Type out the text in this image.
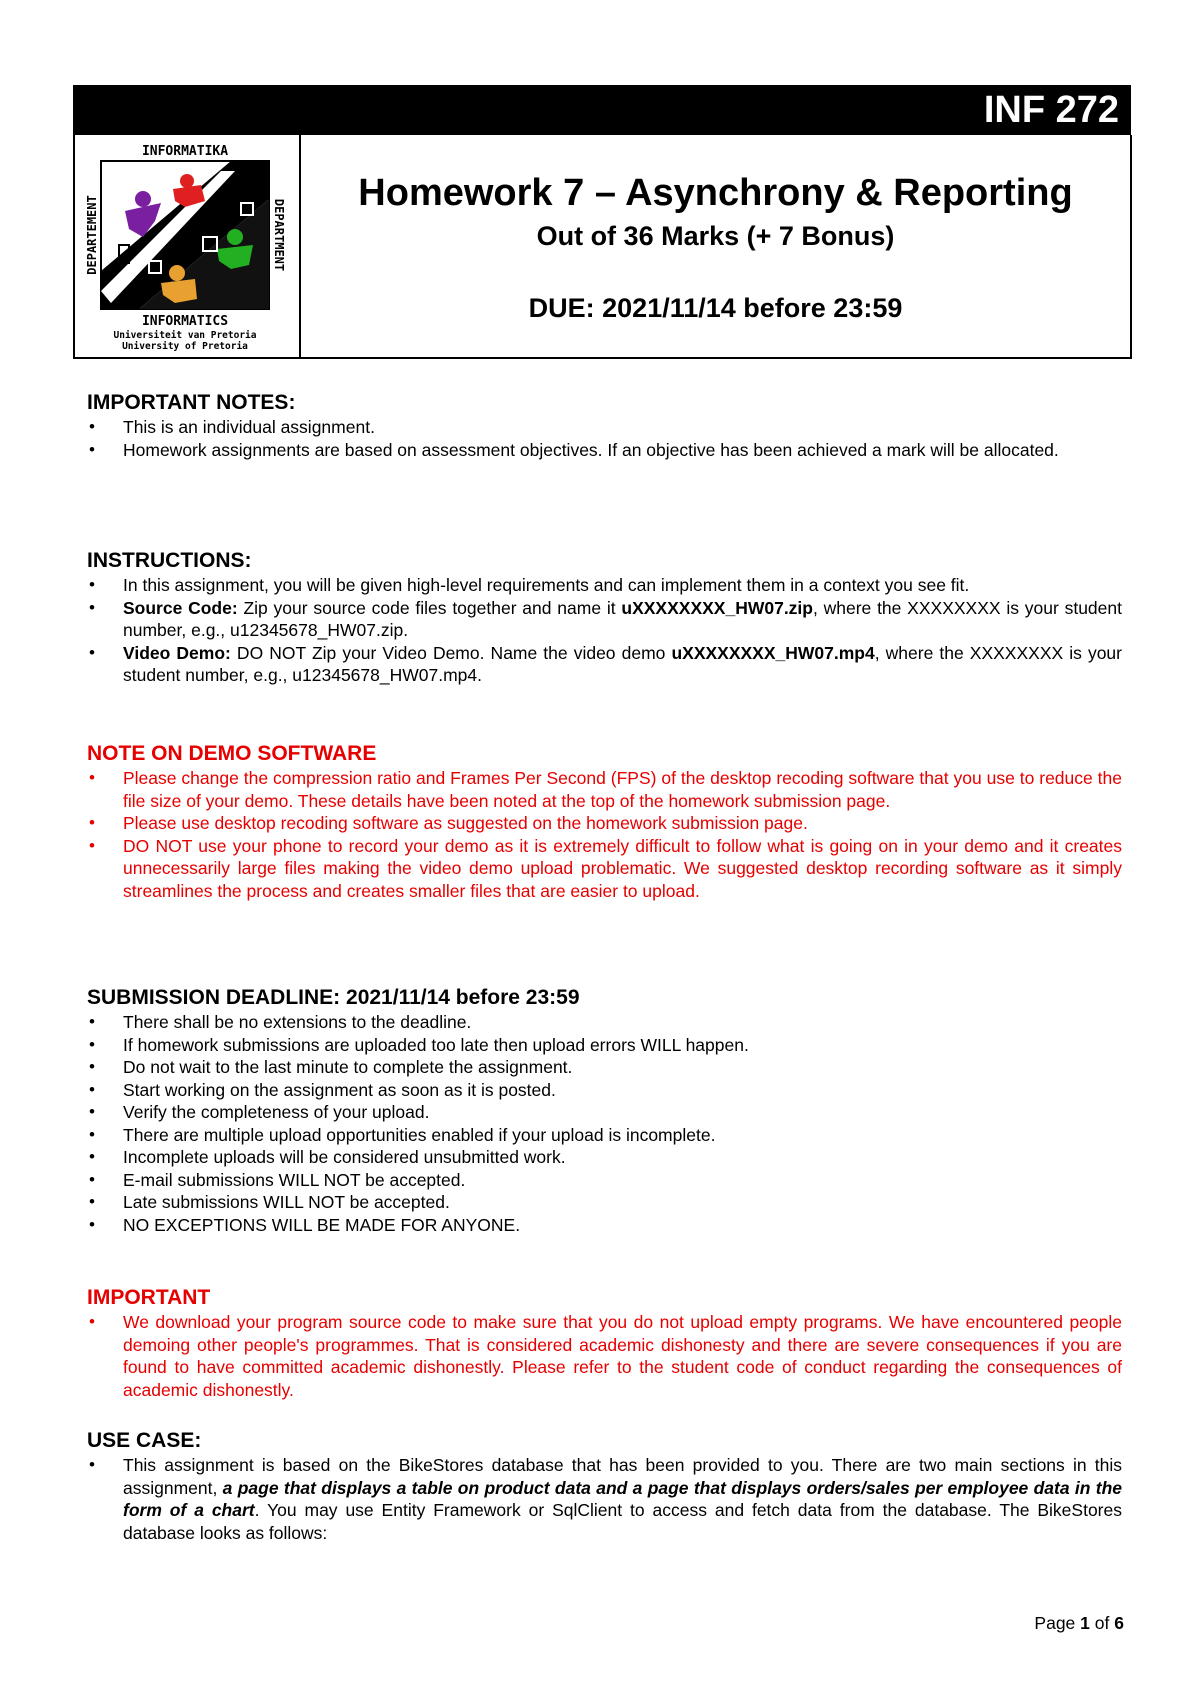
INF 272
INFORMATIKA
INFORMATICS
DEPARTEMENT	DEPARTMENT
Universiteit van Pretoria
University of Pretoria
Homework 7 – Asynchrony & Reporting
Out of 36 Marks (+ 7 Bonus)
DUE: 2021/11/14 before 23:59

IMPORTANT NOTES:

• This is an individual assignment.
• Homework assignments are based on assessment objectives. If an objective has been achieved a mark will be allocated.

INSTRUCTIONS:

• In this assignment, you will be given high-level requirements and can implement them in a context you see fit.
• Source Code: Zip your source code files together and name it uXXXXXXXX_HW07.zip, where the XXXXXXXX is your student number, e.g., u12345678_HW07.zip.
• Video Demo: DO NOT Zip your Video Demo. Name the video demo uXXXXXXXX_HW07.mp4, where the XXXXXXXX is your student number, e.g., u12345678_HW07.mp4.

NOTE ON DEMO SOFTWARE

• Please change the compression ratio and Frames Per Second (FPS) of the desktop recoding software that you use to reduce the file size of your demo. These details have been noted at the top of the homework submission page.
• Please use desktop recoding software as suggested on the homework submission page.
• DO NOT use your phone to record your demo as it is extremely difficult to follow what is going on in your demo and it creates unnecessarily large files making the video demo upload problematic. We suggested desktop recording software as it simply streamlines the process and creates smaller files that are easier to upload.

SUBMISSION DEADLINE: 2021/11/14 before 23:59

• There shall be no extensions to the deadline.
• If homework submissions are uploaded too late then upload errors WILL happen.
• Do not wait to the last minute to complete the assignment.
• Start working on the assignment as soon as it is posted.
• Verify the completeness of your upload.
• There are multiple upload opportunities enabled if your upload is incomplete.
• Incomplete uploads will be considered unsubmitted work.
• E-mail submissions WILL NOT be accepted.
• Late submissions WILL NOT be accepted.
• NO EXCEPTIONS WILL BE MADE FOR ANYONE.

IMPORTANT

• We download your program source code to make sure that you do not upload empty programs. We have encountered people demoing other people's programmes. That is considered academic dishonesty and there are severe consequences if you are found to have committed academic dishonestly. Please refer to the student code of conduct regarding the consequences of academic dishonestly.

USE CASE:

• This assignment is based on the BikeStores database that has been provided to you. There are two main sections in this assignment, a page that displays a table on product data and a page that displays orders/sales per employee data in the form of a chart. You may use Entity Framework or SqlClient to access and fetch data from the database. The BikeStores database looks as follows:
Page 1 of 6
